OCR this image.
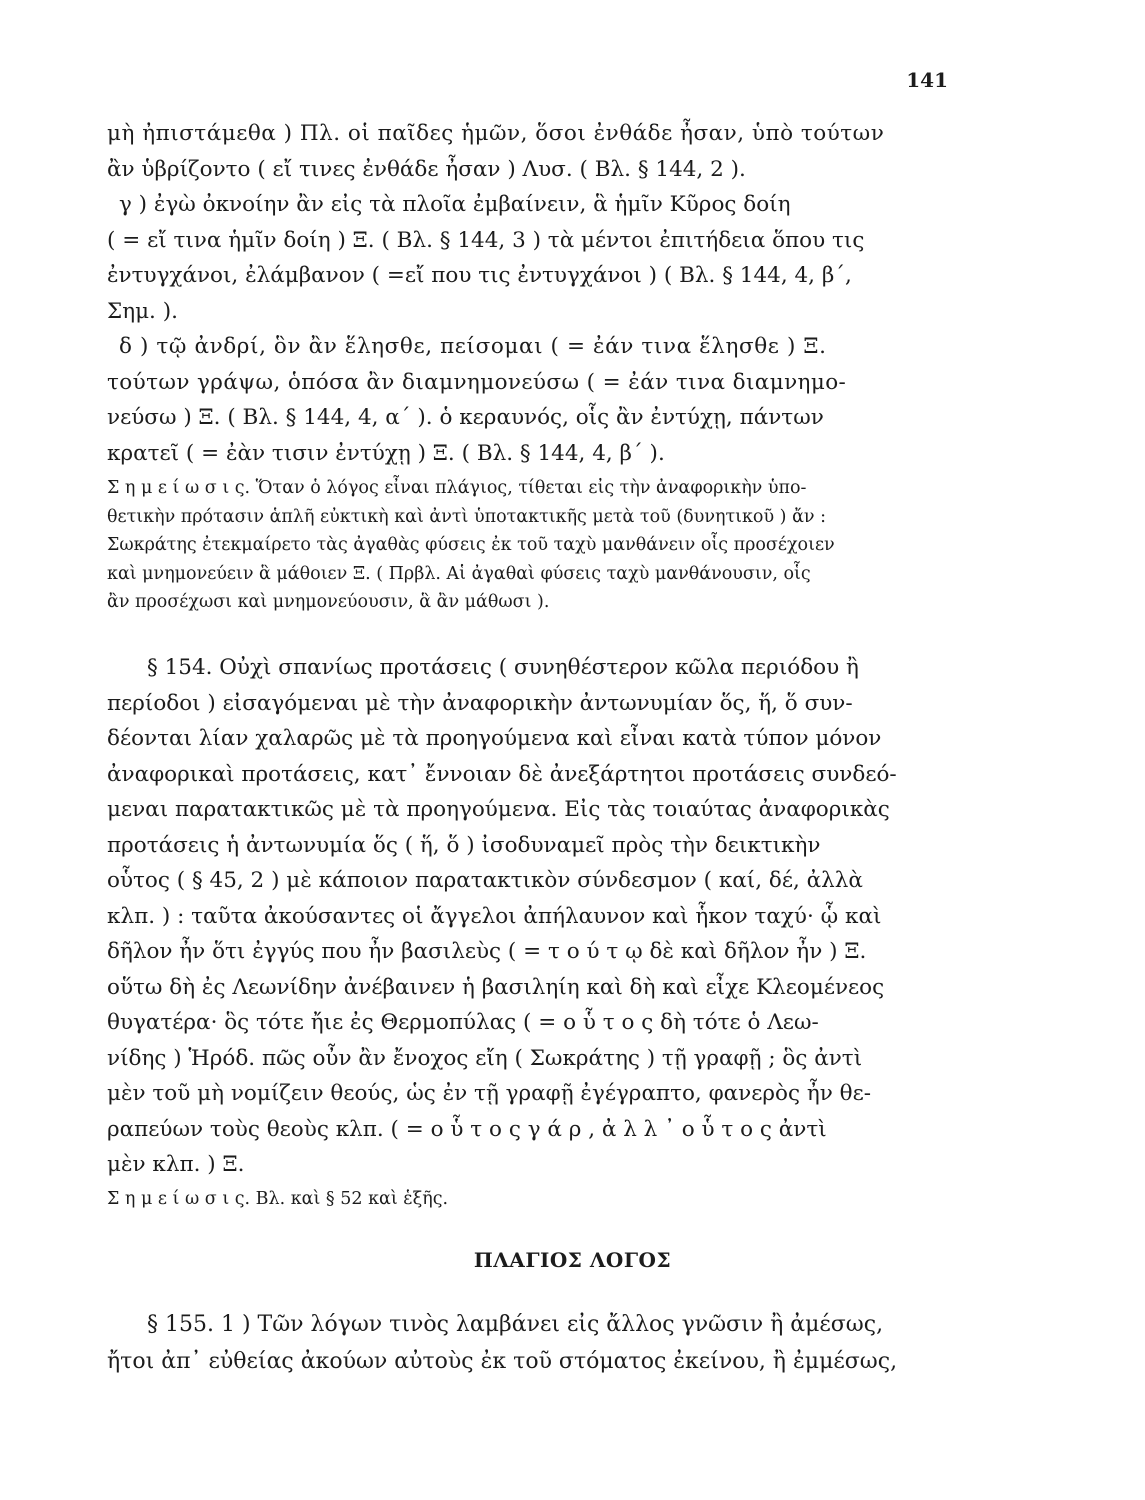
141
μὴ ἠπιστάμεθα ) Πλ. οἱ παῖδες ἡμῶν, ὅσοι ἐνθάδε ἦσαν, ὑπὸ τούτων
ἂν ὑβρίζοντο ( εἴ τινες ἐνθάδε ἦσαν ) Λυσ. ( Βλ. § 144, 2 ).
γ ) ἐγὼ ὀκνοίην ἂν εἰς τὰ πλοῖα ἐμβαίνειν, ἃ ἡμῖν Κῦρος δοίη
( = εἴ τινα ἡμῖν δοίη ) Ξ. ( Βλ. § 144, 3 ) τὰ μέντοι ἐπιτήδεια ὅπου τις
ἐντυγχάνοι, ἐλάμβανον ( =εἴ που τις ἐντυγχάνοι ) ( Βλ. § 144, 4, β΄,
Σημ. ).
δ ) τῷ ἀνδρί, ὃν ἂν ἕλησθε, πείσομαι ( = ἐάν τινα ἕλησθε ) Ξ.
τούτων γράψω, ὁπόσα ἂν διαμνημονεύσω ( = ἐάν τινα διαμνημο-
νεύσω ) Ξ. ( Βλ. § 144, 4, α΄ ). ὁ κεραυνός, οἷς ἂν ἐντύχῃ, πάντων
κρατεῖ ( = ἐὰν τισιν ἐντύχῃ ) Ξ. ( Βλ. § 144, 4, β΄ ).
Σ η μ ε ί ω σ ι ς. Ὅταν ὁ λόγος εἶναι πλάγιος, τίθεται εἰς τὴν ἀναφορικὴν ὑπο-
θετικὴν πρότασιν ἁπλῆ εὐκτικὴ καὶ ἀντὶ ὑποτακτικῆς μετὰ τοῦ (δυνητικοῦ ) ἄν :
Σωκράτης ἐτεκμαίρετο τὰς ἀγαθὰς φύσεις ἐκ τοῦ ταχὺ μανθάνειν οἷς προσέχοιεν
καὶ μνημονεύειν ἃ μάθοιεν Ξ. ( Πρβλ. Αἱ ἀγαθαὶ φύσεις ταχὺ μανθάνουσιν, οἷς
ἂν προσέχωσι καὶ μνημονεύουσιν, ἃ ἂν μάθωσι ).
§ 154. Οὐχὶ σπανίως προτάσεις ( συνηθέστερον κῶλα περιόδου ἢ
περίοδοι ) εἰσαγόμεναι μὲ τὴν ἀναφορικὴν ἀντωνυμίαν ὅς, ἥ, ὅ συν-
δέονται λίαν χαλαρῶς μὲ τὰ προηγούμενα καὶ εἶναι κατὰ τύπον μόνον
ἀναφορικαὶ προτάσεις, κατ᾽ ἔννοιαν δὲ ἀνεξάρτητοι προτάσεις συνδεό-
μεναι παρατακτικῶς μὲ τὰ προηγούμενα. Εἰς τὰς τοιαύτας ἀναφορικὰς
προτάσεις ἡ ἀντωνυμία ὅς ( ἥ, ὅ ) ἰσοδυναμεῖ πρὸς τὴν δεικτικὴν
οὗτος ( § 45, 2 ) μὲ κάποιον παρατακτικὸν σύνδεσμον ( καί, δέ, ἀλλὰ
κλπ. ) : ταῦτα ἀκούσαντες οἱ ἄγγελοι ἀπήλαυνον καὶ ἧκον ταχύ· ᾧ καὶ
δῆλον ἦν ὅτι ἐγγύς που ἦν βασιλεὺς ( = τ ο ύ τ ῳ δὲ καὶ δῆλον ἦν ) Ξ.
οὕτω δὴ ἐς Λεωνίδην ἀνέβαινεν ἡ βασιληίη καὶ δὴ καὶ εἶχε Κλεομένεος
θυγατέρα· ὃς τότε ἤιε ἐς Θερμοπύλας ( = ο ὗ τ ο ς δὴ τότε ὁ Λεω-
νίδης ) Ἡρόδ. πῶς οὖν ἂν ἔνοχος εἴη ( Σωκράτης ) τῇ γραφῇ ; ὃς ἀντὶ
μὲν τοῦ μὴ νομίζειν θεούς, ὡς ἐν τῇ γραφῇ ἐγέγραπτο, φανερὸς ἦν θε-
ραπεύων τοὺς θεοὺς κλπ. ( = ο ὗ τ ο ς γ ά ρ , ἀ λ λ ᾽ ο ὗ τ ο ς ἀντὶ
μὲν κλπ. ) Ξ.
Σ η μ ε ί ω σ ι ς. Βλ. καὶ § 52 καὶ ἑξῆς.
ΠΛΑΓΙΟΣ ΛΟΓΟΣ
§ 155. 1 ) Τῶν λόγων τινὸς λαμβάνει εἰς ἄλλος γνῶσιν ἢ ἀμέσως,
ἤτοι ἀπ᾽ εὐθείας ἀκούων αὐτοὺς ἐκ τοῦ στόματος ἐκείνου, ἢ ἐμμέσως,
